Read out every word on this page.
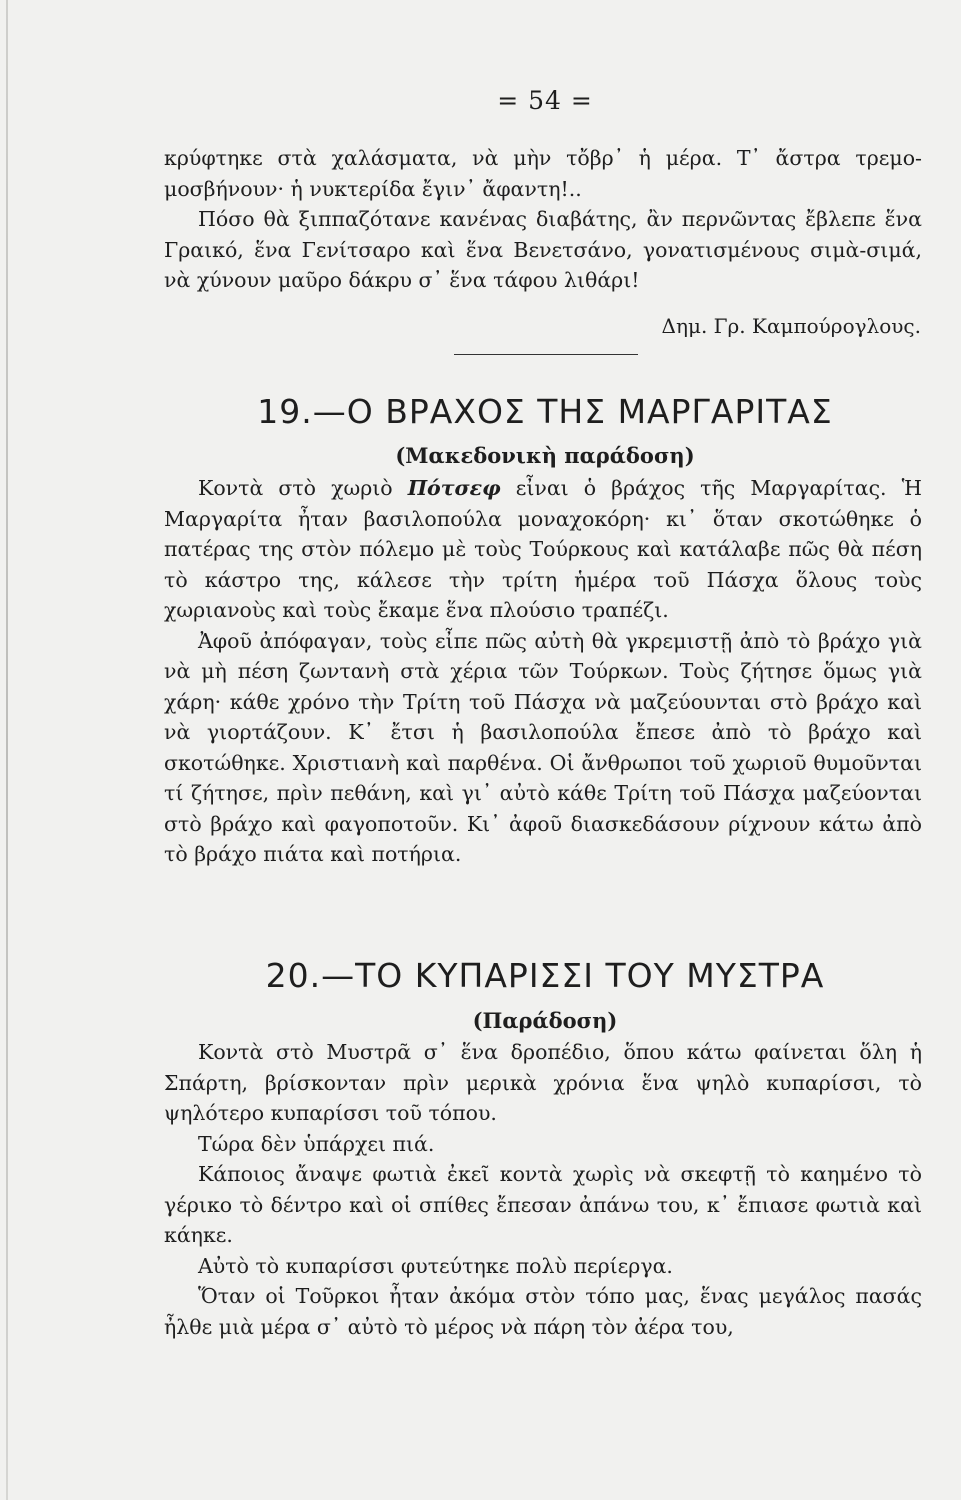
= 54 =

κρύφτηκε στὰ χαλάσματα, νὰ μὴν τὄβρ᾽ ἡ μέρα. Τ᾽ ἄστρα τρεμο-μοσβήνουν· ἡ νυκτερίδα ἔγιν᾽ ἄφαντη!..

Πόσο θὰ ξιππαζότανε κανένας διαβάτης, ἂν περνῶντας ἔβλεπε ἕνα Γραικό, ἕνα Γενίτσαρο καὶ ἕνα Βενετσάνο, γονατισμένους σιμὰ-σιμά, νὰ χύνουν μαῦρο δάκρυ σ᾽ ἕνα τάφου λιθάρι!

Δημ. Γρ. Καμπούρογλους.
19.—Ο ΒΡΑΧΟΣ ΤΗΣ ΜΑΡΓΑΡΙΤΑΣ
(Μακεδονικὴ παράδοση)

Κοντὰ στὸ χωριὸ Πότσεφ εἶναι ὁ βράχος τῆς Μαργαρίτας. Ἡ Μαργαρίτα ἦταν βασιλοπούλα μοναχοκόρη· κι᾽ ὅταν σκοτώθηκε ὁ πατέρας της στὸν πόλεμο μὲ τοὺς Τούρκους καὶ κατάλαβε πῶς θὰ πέση τὸ κάστρο της, κάλεσε τὴν τρίτη ἡμέρα τοῦ Πάσχα ὅλους τοὺς χωριανοὺς καὶ τοὺς ἔκαμε ἕνα πλούσιο τραπέζι.

Ἀφοῦ ἀπόφαγαν, τοὺς εἶπε πῶς αὐτὴ θὰ γκρεμιστῇ ἀπὸ τὸ βράχο γιὰ νὰ μὴ πέση ζωντανὴ στὰ χέρια τῶν Τούρκων. Τοὺς ζήτησε ὅμως γιὰ χάρη· κάθε χρόνο τὴν Τρίτη τοῦ Πάσχα νὰ μαζεύουνται στὸ βράχο καὶ νὰ γιορτάζουν. Κ᾽ ἔτσι ἡ βασιλοπούλα ἔπεσε ἀπὸ τὸ βράχο καὶ σκοτώθηκε. Χριστιανὴ καὶ παρθένα. Οἱ ἄνθρωποι τοῦ χωριοῦ θυμοῦνται τί ζήτησε, πρὶν πεθάνη, καὶ γι᾽ αὐτὸ κάθε Τρίτη τοῦ Πάσχα μαζεύονται στὸ βράχο καὶ φαγοποτοῦν. Κι᾽ ἀφοῦ διασκεδάσουν ρίχνουν κάτω ἀπὸ τὸ βράχο πιάτα καὶ ποτήρια.

20.—ΤΟ ΚΥΠΑΡΙΣΣΙ ΤΟΥ ΜΥΣΤΡΑ
(Παράδοση)

Κοντὰ στὸ Μυστρᾶ σ᾽ ἕνα δροπέδιο, ὅπου κάτω φαίνεται ὅλη ἡ Σπάρτη, βρίσκονταν πρὶν μερικὰ χρόνια ἕνα ψηλὸ κυπαρίσσι, τὸ ψηλότερο κυπαρίσσι τοῦ τόπου.

Τώρα δὲν ὑπάρχει πιά.

Κάποιος ἄναψε φωτιὰ ἐκεῖ κοντὰ χωρὶς νὰ σκεφτῇ τὸ καημένο τὸ γέρικο τὸ δέντρο καὶ οἱ σπίθες ἔπεσαν ἀπάνω του, κ᾽ ἔπιασε φωτιὰ καὶ κάηκε.

Αὐτὸ τὸ κυπαρίσσι φυτεύτηκε πολὺ περίεργα.

Ὅταν οἱ Τοῦρκοι ἦταν ἀκόμα στὸν τόπο μας, ἕνας μεγάλος πασάς ἦλθε μιὰ μέρα σ᾽ αὐτὸ τὸ μέρος νὰ πάρη τὸν ἀέρα του,
